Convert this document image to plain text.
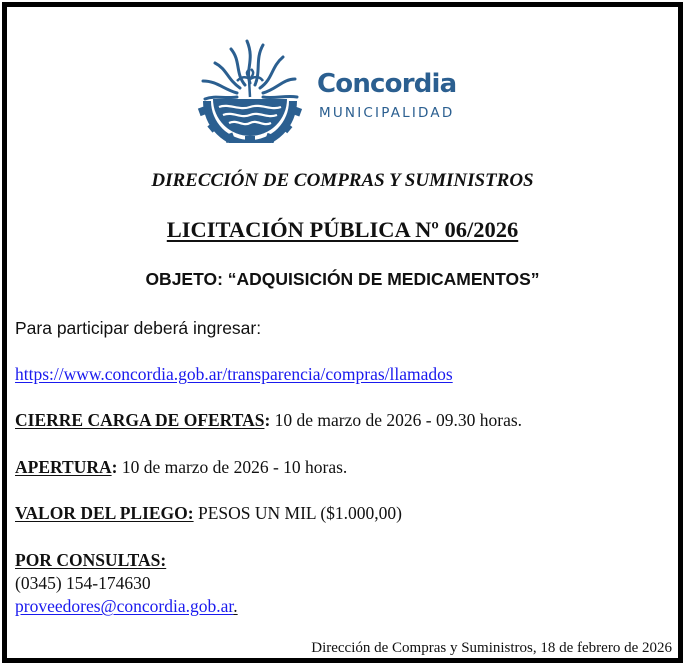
Concordia
MUNICIPALIDAD
DIRECCIÓN DE COMPRAS Y SUMINISTROS
LICITACIÓN PÚBLICA Nº 06/2026
OBJETO: “ADQUISICIÓN DE MEDICAMENTOS”
Para participar deberá ingresar:
https://www.concordia.gob.ar/transparencia/compras/llamados
CIERRE CARGA DE OFERTAS: 10 de marzo de 2026 - 09.30 horas.
APERTURA: 10 de marzo de 2026 - 10 horas.
VALOR DEL PLIEGO: PESOS UN MIL ($1.000,00)
POR CONSULTAS:
(0345) 154-174630
proveedores@concordia.gob.ar.
Dirección de Compras y Suministros, 18 de febrero de 2026
